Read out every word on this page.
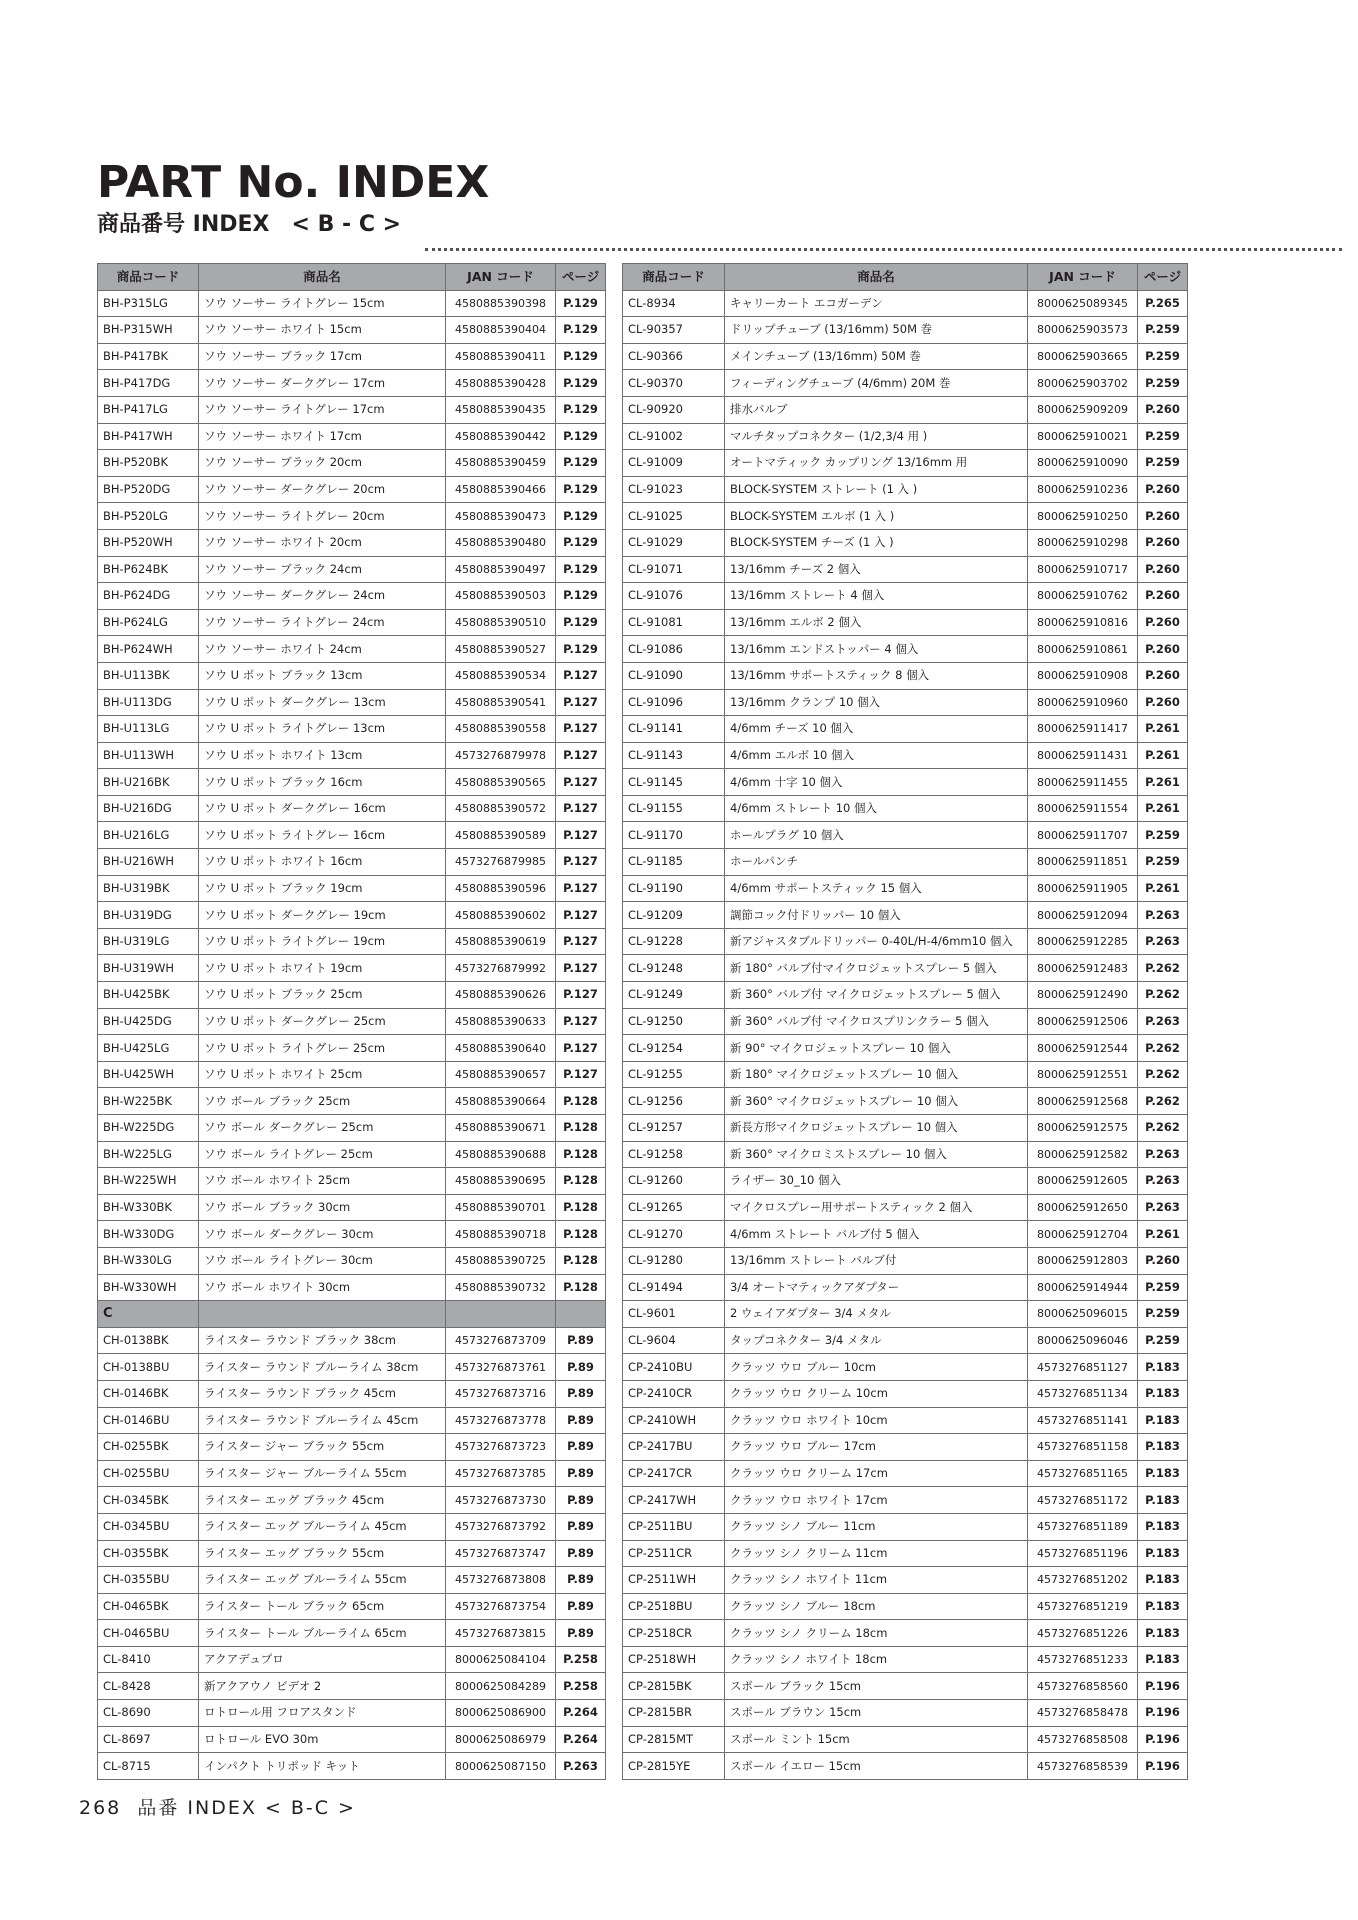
PART No. INDEX
商品番号 INDEX　< B - C >
商品コード	商品名	JAN コード	ページ
BH-P315LG	ソウ ソーサー ライトグレー 15cm	4580885390398	P.129
BH-P315WH	ソウ ソーサー ホワイト 15cm	4580885390404	P.129
BH-P417BK	ソウ ソーサー ブラック 17cm	4580885390411	P.129
BH-P417DG	ソウ ソーサー ダークグレー 17cm	4580885390428	P.129
BH-P417LG	ソウ ソーサー ライトグレー 17cm	4580885390435	P.129
BH-P417WH	ソウ ソーサー ホワイト 17cm	4580885390442	P.129
BH-P520BK	ソウ ソーサー ブラック 20cm	4580885390459	P.129
BH-P520DG	ソウ ソーサー ダークグレー 20cm	4580885390466	P.129
BH-P520LG	ソウ ソーサー ライトグレー 20cm	4580885390473	P.129
BH-P520WH	ソウ ソーサー ホワイト 20cm	4580885390480	P.129
BH-P624BK	ソウ ソーサー ブラック 24cm	4580885390497	P.129
BH-P624DG	ソウ ソーサー ダークグレー 24cm	4580885390503	P.129
BH-P624LG	ソウ ソーサー ライトグレー 24cm	4580885390510	P.129
BH-P624WH	ソウ ソーサー ホワイト 24cm	4580885390527	P.129
BH-U113BK	ソウ U ポット ブラック 13cm	4580885390534	P.127
BH-U113DG	ソウ U ポット ダークグレー 13cm	4580885390541	P.127
BH-U113LG	ソウ U ポット ライトグレー 13cm	4580885390558	P.127
BH-U113WH	ソウ U ポット ホワイト 13cm	4573276879978	P.127
BH-U216BK	ソウ U ポット ブラック 16cm	4580885390565	P.127
BH-U216DG	ソウ U ポット ダークグレー 16cm	4580885390572	P.127
BH-U216LG	ソウ U ポット ライトグレー 16cm	4580885390589	P.127
BH-U216WH	ソウ U ポット ホワイト 16cm	4573276879985	P.127
BH-U319BK	ソウ U ポット ブラック 19cm	4580885390596	P.127
BH-U319DG	ソウ U ポット ダークグレー 19cm	4580885390602	P.127
BH-U319LG	ソウ U ポット ライトグレー 19cm	4580885390619	P.127
BH-U319WH	ソウ U ポット ホワイト 19cm	4573276879992	P.127
BH-U425BK	ソウ U ポット ブラック 25cm	4580885390626	P.127
BH-U425DG	ソウ U ポット ダークグレー 25cm	4580885390633	P.127
BH-U425LG	ソウ U ポット ライトグレー 25cm	4580885390640	P.127
BH-U425WH	ソウ U ポット ホワイト 25cm	4580885390657	P.127
BH-W225BK	ソウ ボール ブラック 25cm	4580885390664	P.128
BH-W225DG	ソウ ボール ダークグレー 25cm	4580885390671	P.128
BH-W225LG	ソウ ボール ライトグレー 25cm	4580885390688	P.128
BH-W225WH	ソウ ボール ホワイト 25cm	4580885390695	P.128
BH-W330BK	ソウ ボール ブラック 30cm	4580885390701	P.128
BH-W330DG	ソウ ボール ダークグレー 30cm	4580885390718	P.128
BH-W330LG	ソウ ボール ライトグレー 30cm	4580885390725	P.128
BH-W330WH	ソウ ボール ホワイト 30cm	4580885390732	P.128
C			
CH-0138BK	ライスター ラウンド ブラック 38cm	4573276873709	P.89
CH-0138BU	ライスター ラウンド ブルーライム 38cm	4573276873761	P.89
CH-0146BK	ライスター ラウンド ブラック 45cm	4573276873716	P.89
CH-0146BU	ライスター ラウンド ブルーライム 45cm	4573276873778	P.89
CH-0255BK	ライスター ジャー ブラック 55cm	4573276873723	P.89
CH-0255BU	ライスター ジャー ブルーライム 55cm	4573276873785	P.89
CH-0345BK	ライスター エッグ ブラック 45cm	4573276873730	P.89
CH-0345BU	ライスター エッグ ブルーライム 45cm	4573276873792	P.89
CH-0355BK	ライスター エッグ ブラック 55cm	4573276873747	P.89
CH-0355BU	ライスター エッグ ブルーライム 55cm	4573276873808	P.89
CH-0465BK	ライスター トール ブラック 65cm	4573276873754	P.89
CH-0465BU	ライスター トール ブルーライム 65cm	4573276873815	P.89
CL-8410	アクアデュプロ	8000625084104	P.258
CL-8428	新アクアウノ ビデオ 2	8000625084289	P.258
CL-8690	ロトロール用 フロアスタンド	8000625086900	P.264
CL-8697	ロトロール EVO 30m	8000625086979	P.264
CL-8715	インパクト トリポッド キット	8000625087150	P.263
商品コード	商品名	JAN コード	ページ
CL-8934	キャリーカート エコガーデン	8000625089345	P.265
CL-90357	ドリップチューブ (13/16mm) 50M 巻	8000625903573	P.259
CL-90366	メインチューブ (13/16mm) 50M 巻	8000625903665	P.259
CL-90370	フィーディングチューブ (4/6mm) 20M 巻	8000625903702	P.259
CL-90920	排水バルブ	8000625909209	P.260
CL-91002	マルチタップコネクター (1/2,3/4 用 )	8000625910021	P.259
CL-91009	オートマティック カップリング 13/16mm 用	8000625910090	P.259
CL-91023	BLOCK-SYSTEM ストレート (1 入 )	8000625910236	P.260
CL-91025	BLOCK-SYSTEM エルボ (1 入 )	8000625910250	P.260
CL-91029	BLOCK-SYSTEM チーズ (1 入 )	8000625910298	P.260
CL-91071	13/16mm チーズ 2 個入	8000625910717	P.260
CL-91076	13/16mm ストレート 4 個入	8000625910762	P.260
CL-91081	13/16mm エルボ 2 個入	8000625910816	P.260
CL-91086	13/16mm エンドストッパー 4 個入	8000625910861	P.260
CL-91090	13/16mm サポートスティック 8 個入	8000625910908	P.260
CL-91096	13/16mm クランプ 10 個入	8000625910960	P.260
CL-91141	4/6mm チーズ 10 個入	8000625911417	P.261
CL-91143	4/6mm エルボ 10 個入	8000625911431	P.261
CL-91145	4/6mm 十字 10 個入	8000625911455	P.261
CL-91155	4/6mm ストレート 10 個入	8000625911554	P.261
CL-91170	ホールプラグ 10 個入	8000625911707	P.259
CL-91185	ホールパンチ	8000625911851	P.259
CL-91190	4/6mm サポートスティック 15 個入	8000625911905	P.261
CL-91209	調節コック付ドリッパー 10 個入	8000625912094	P.263
CL-91228	新アジャスタブルドリッパー 0-40L/H-4/6mm10 個入	8000625912285	P.263
CL-91248	新 180° バルブ付マイクロジェットスプレー 5 個入	8000625912483	P.262
CL-91249	新 360° バルブ付 マイクロジェットスプレー 5 個入	8000625912490	P.262
CL-91250	新 360° バルブ付 マイクロスプリンクラー 5 個入	8000625912506	P.263
CL-91254	新 90° マイクロジェットスプレー 10 個入	8000625912544	P.262
CL-91255	新 180° マイクロジェットスプレー 10 個入	8000625912551	P.262
CL-91256	新 360° マイクロジェットスプレー 10 個入	8000625912568	P.262
CL-91257	新長方形マイクロジェットスプレー 10 個入	8000625912575	P.262
CL-91258	新 360° マイクロミストスプレー 10 個入	8000625912582	P.263
CL-91260	ライザー 30_10 個入	8000625912605	P.263
CL-91265	マイクロスプレー用サポートスティック 2 個入	8000625912650	P.263
CL-91270	4/6mm ストレート バルブ付 5 個入	8000625912704	P.261
CL-91280	13/16mm ストレート バルブ付	8000625912803	P.260
CL-91494	3/4 オートマティックアダプター	8000625914944	P.259
CL-9601	2 ウェイアダプター 3/4 メタル	8000625096015	P.259
CL-9604	タップコネクター 3/4 メタル	8000625096046	P.259
CP-2410BU	クラッツ ウロ ブルー 10cm	4573276851127	P.183
CP-2410CR	クラッツ ウロ クリーム 10cm	4573276851134	P.183
CP-2410WH	クラッツ ウロ ホワイト 10cm	4573276851141	P.183
CP-2417BU	クラッツ ウロ ブルー 17cm	4573276851158	P.183
CP-2417CR	クラッツ ウロ クリーム 17cm	4573276851165	P.183
CP-2417WH	クラッツ ウロ ホワイト 17cm	4573276851172	P.183
CP-2511BU	クラッツ シノ ブルー 11cm	4573276851189	P.183
CP-2511CR	クラッツ シノ クリーム 11cm	4573276851196	P.183
CP-2511WH	クラッツ シノ ホワイト 11cm	4573276851202	P.183
CP-2518BU	クラッツ シノ ブルー 18cm	4573276851219	P.183
CP-2518CR	クラッツ シノ クリーム 18cm	4573276851226	P.183
CP-2518WH	クラッツ シノ ホワイト 18cm	4573276851233	P.183
CP-2815BK	スポール ブラック 15cm	4573276858560	P.196
CP-2815BR	スポール ブラウン 15cm	4573276858478	P.196
CP-2815MT	スポール ミント 15cm	4573276858508	P.196
CP-2815YE	スポール イエロー 15cm	4573276858539	P.196

268  品番 INDEX < B-C >
